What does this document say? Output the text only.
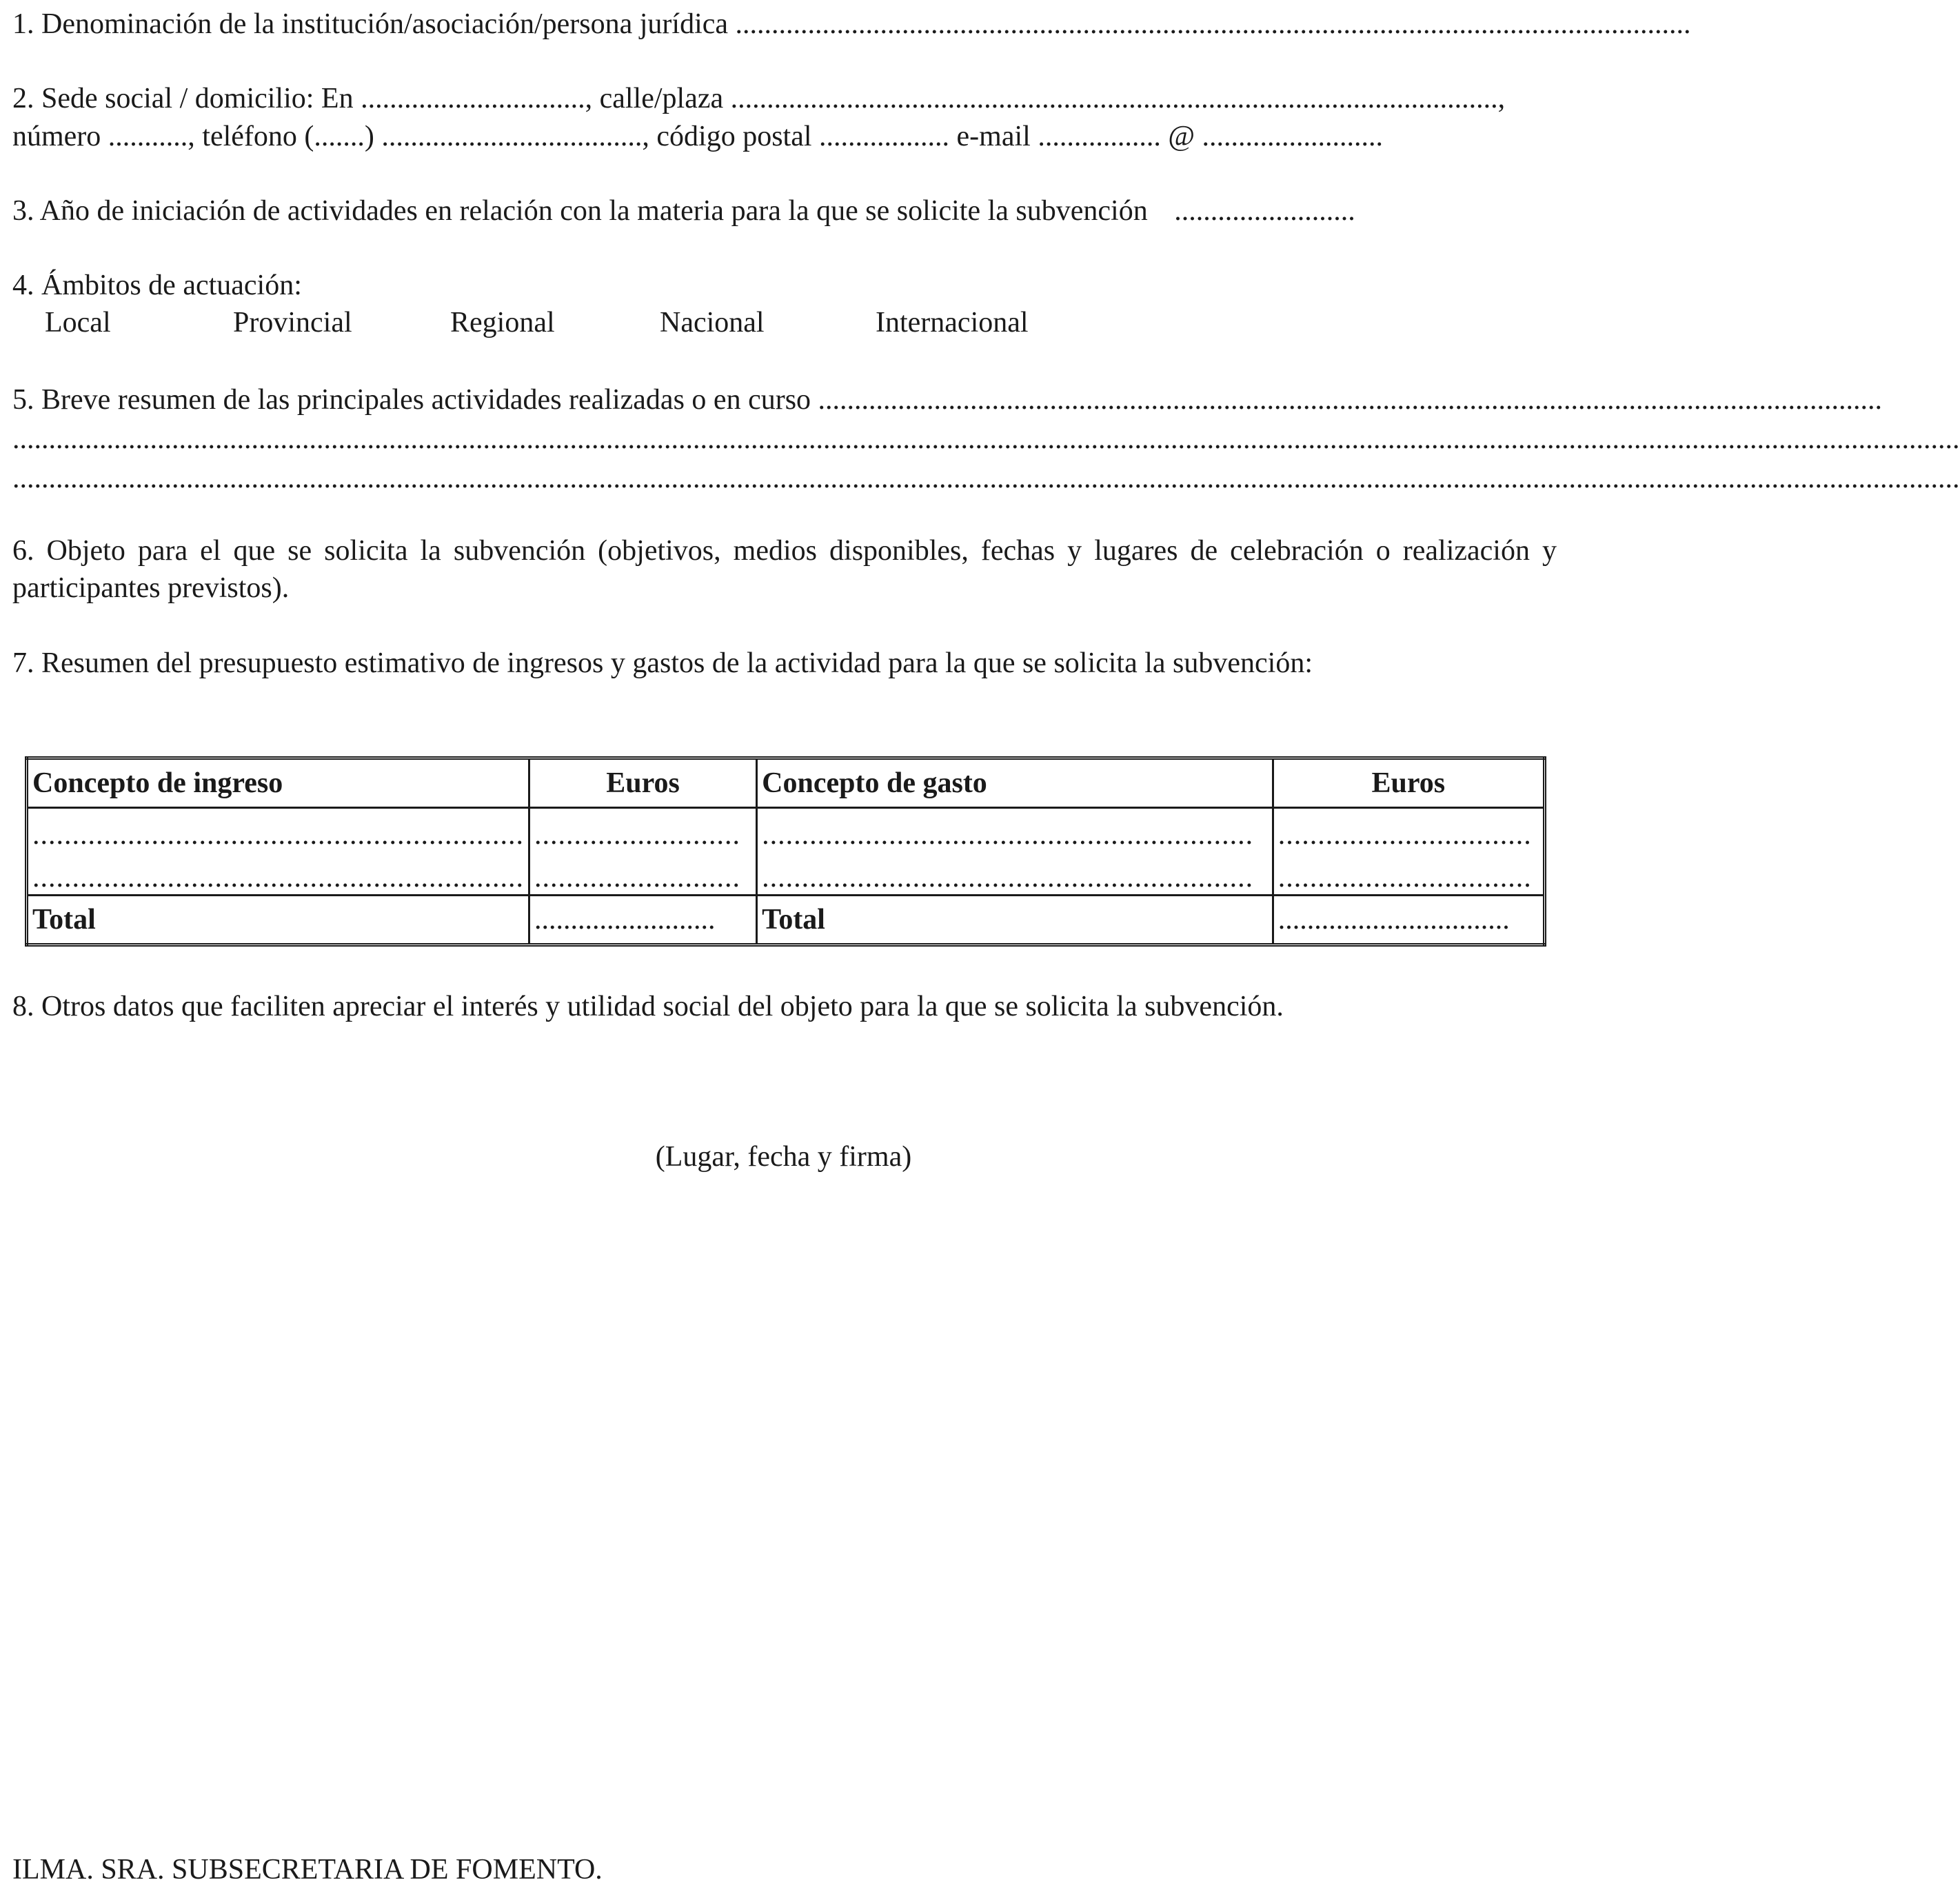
1. Denominación de la institución/asociación/persona jurídica ....................................................................................................................................
2. Sede social / domicilio: En ..............................., calle/plaza ..........................................................................................................,
número ..........., teléfono (.......) ...................................., código postal .................. e-mail ................. @ .........................
3. Año de iniciación de actividades en relación con la materia para la que se solicite la subvención .........................
4. Ámbitos de actuación:
Local	Provincial	Regional	Nacional	Internacional
5. Breve resumen de las principales actividades realizadas o en curso ...................................................................................................................................................
.............................................................................................................................................................................................................................................................................
.............................................................................................................................................................................................................................................................................
6. Objeto para el que se solicita la subvención (objetivos, medios disponibles, fechas y lugares de celebración o realización y participantes previstos).
7. Resumen del presupuesto estimativo de ingresos y gastos de la actividad para la que se solicita la subvención:
Concepto de ingreso	Euros	Concepto de gasto	Euros
..............................................................	..........................	..............................................................	................................
..............................................................	..........................	..............................................................	................................
Total	.........................	Total	................................
8. Otros datos que faciliten apreciar el interés y utilidad social del objeto para la que se solicita la subvención.
(Lugar, fecha y firma)
ILMA. SRA. SUBSECRETARIA DE FOMENTO.
